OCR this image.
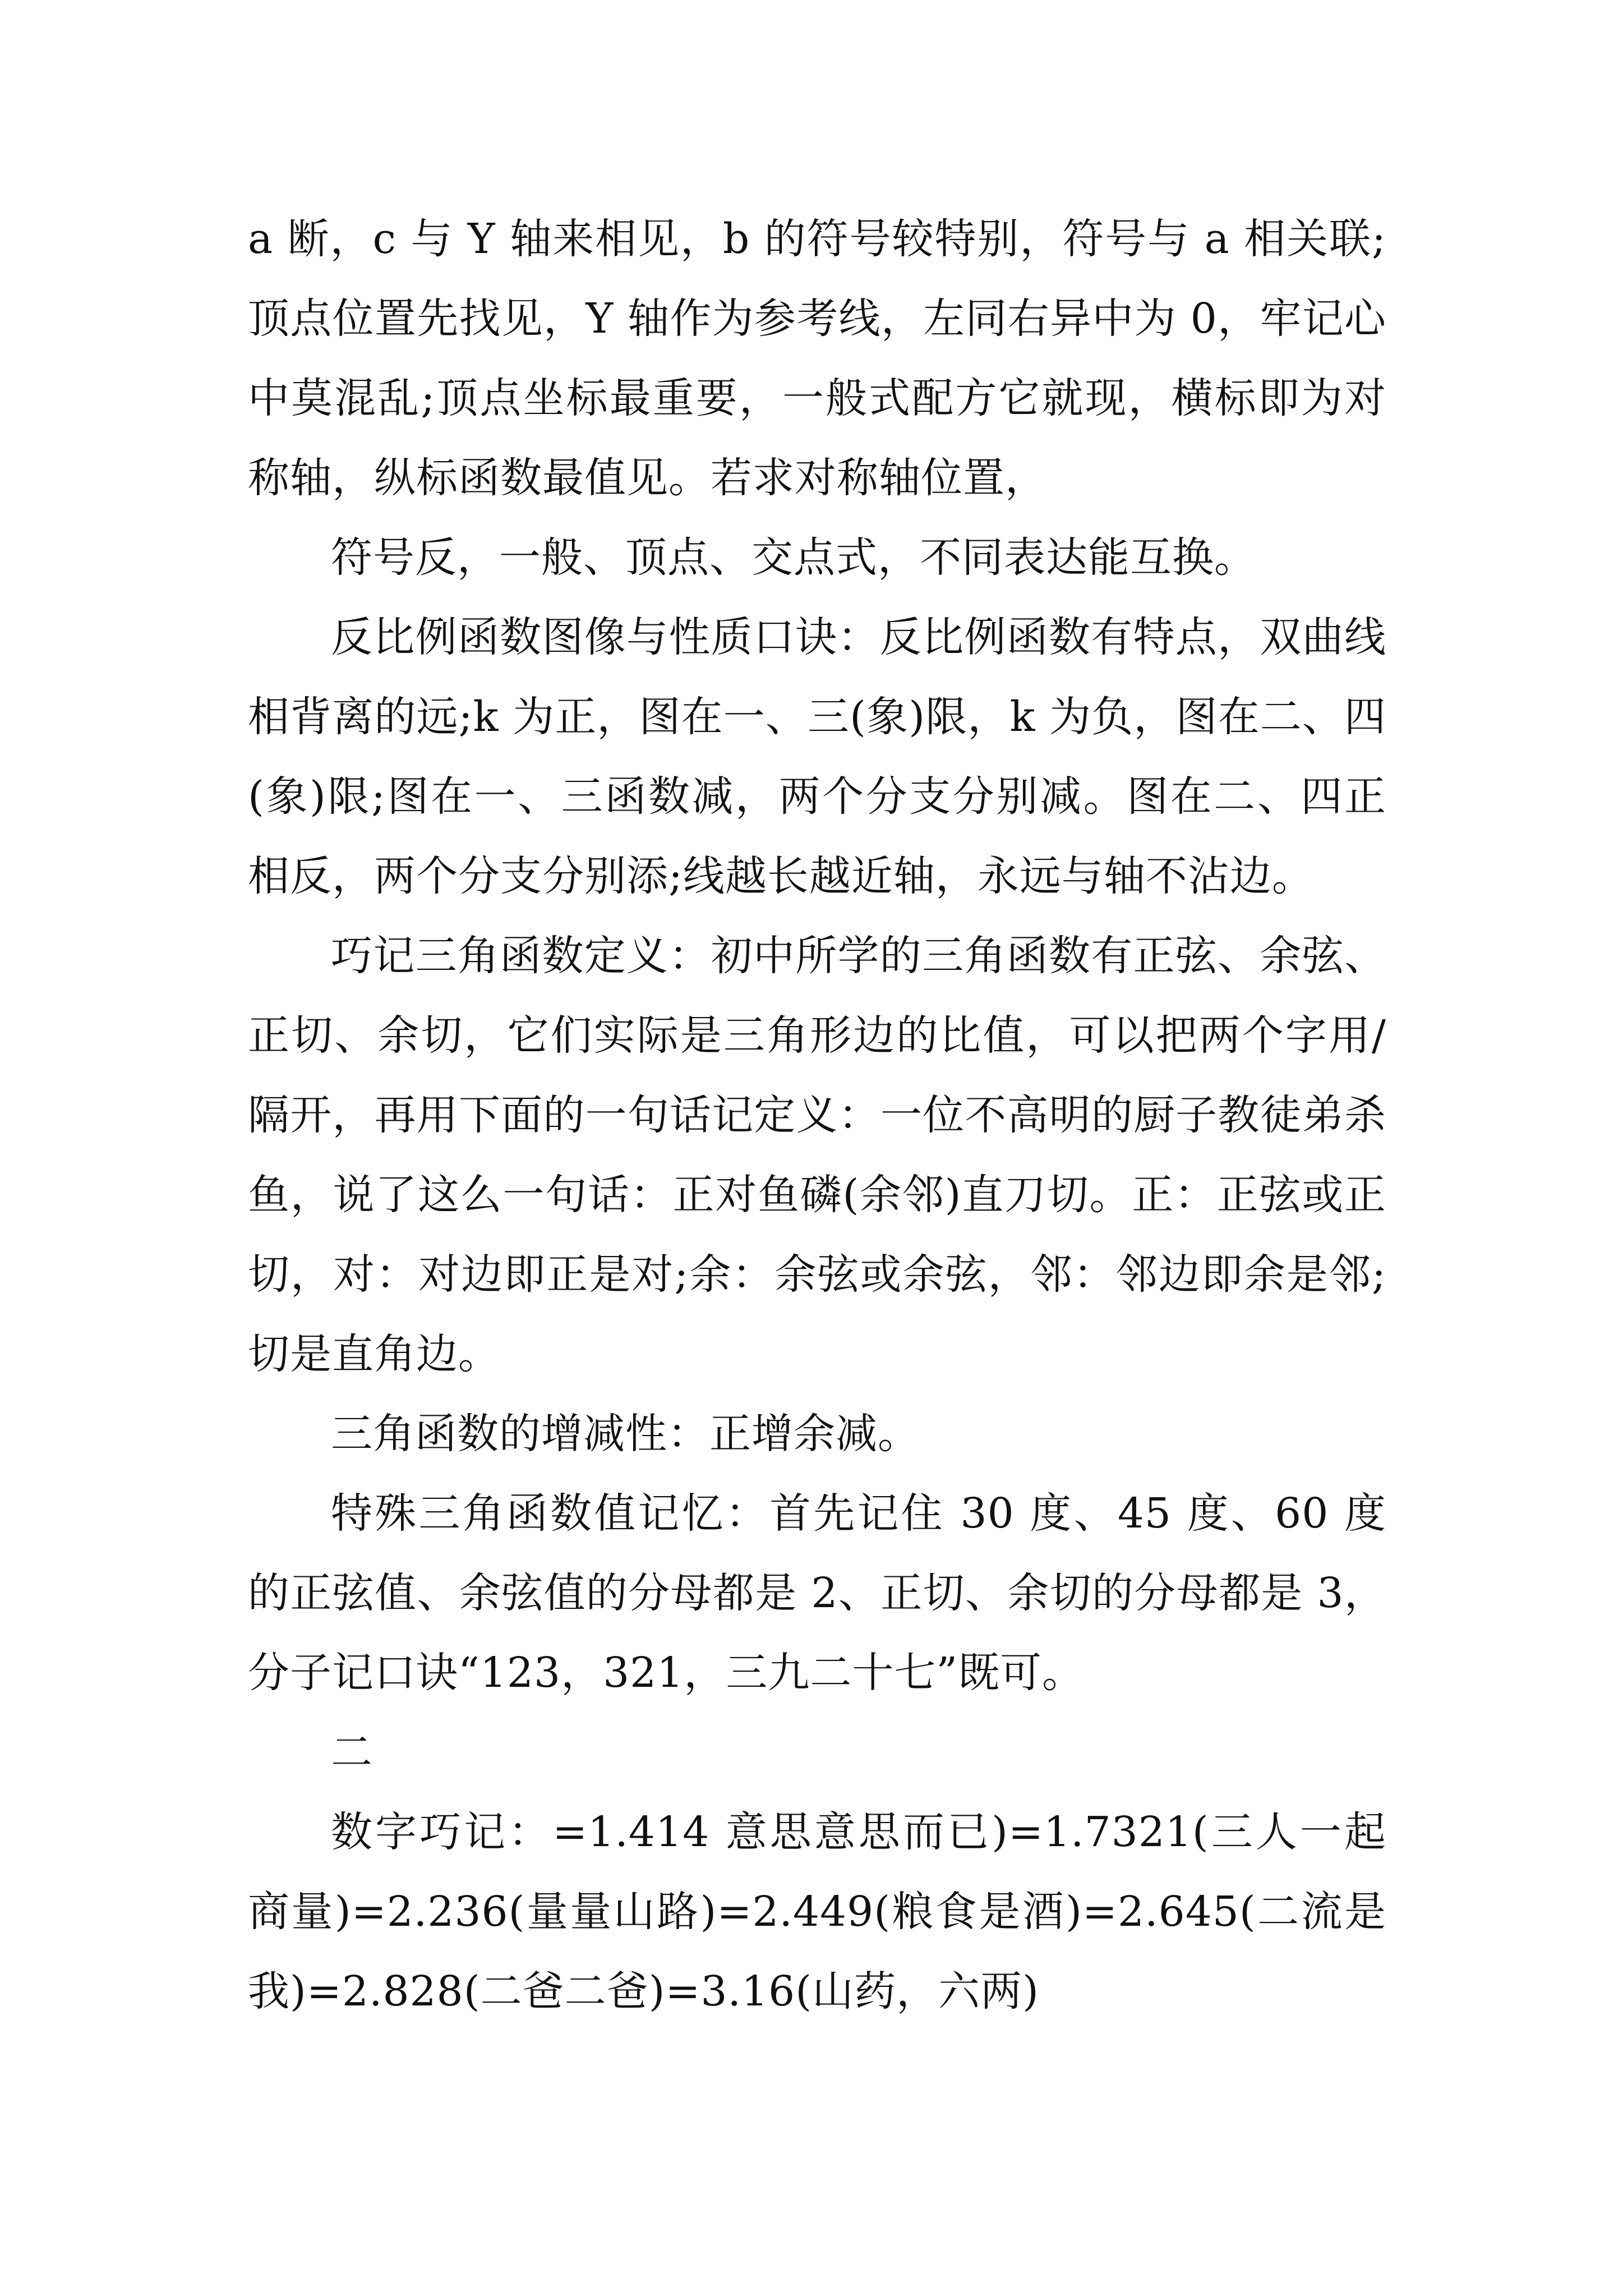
a 断，c 与 Y 轴来相见，b 的符号较特别，符号与 a 相关联;顶点位置先找见，Y 轴作为参考线，左同右异中为 0，牢记心中莫混乱;顶点坐标最重要，一般式配方它就现，横标即为对称轴，纵标函数最值见。若求对称轴位置，

符号反，一般、顶点、交点式，不同表达能互换。

反比例函数图像与性质口诀：反比例函数有特点，双曲线相背离的远;k 为正，图在一、三(象)限，k 为负，图在二、四(象)限;图在一、三函数减，两个分支分别减。图在二、四正相反，两个分支分别添;线越长越近轴，永远与轴不沾边。

巧记三角函数定义：初中所学的三角函数有正弦、余弦、正切、余切，它们实际是三角形边的比值，可以把两个字用/隔开，再用下面的一句话记定义：一位不高明的厨子教徒弟杀鱼，说了这么一句话：正对鱼磷(余邻)直刀切。正：正弦或正切，对：对边即正是对;余：余弦或余弦，邻：邻边即余是邻;切是直角边。

三角函数的增减性：正增余减。

特殊三角函数值记忆：首先记住 30 度、45 度、60 度的正弦值、余弦值的分母都是 2、正切、余切的分母都是 3，分子记口诀“123，321，三九二十七”既可。

二

数字巧记：=1.414 意思意思而已)=1.7321(三人一起商量)=2.236(量量山路)=2.449(粮食是酒)=2.645(二流是我)=2.828(二爸二爸)=3.16(山药，六两)
